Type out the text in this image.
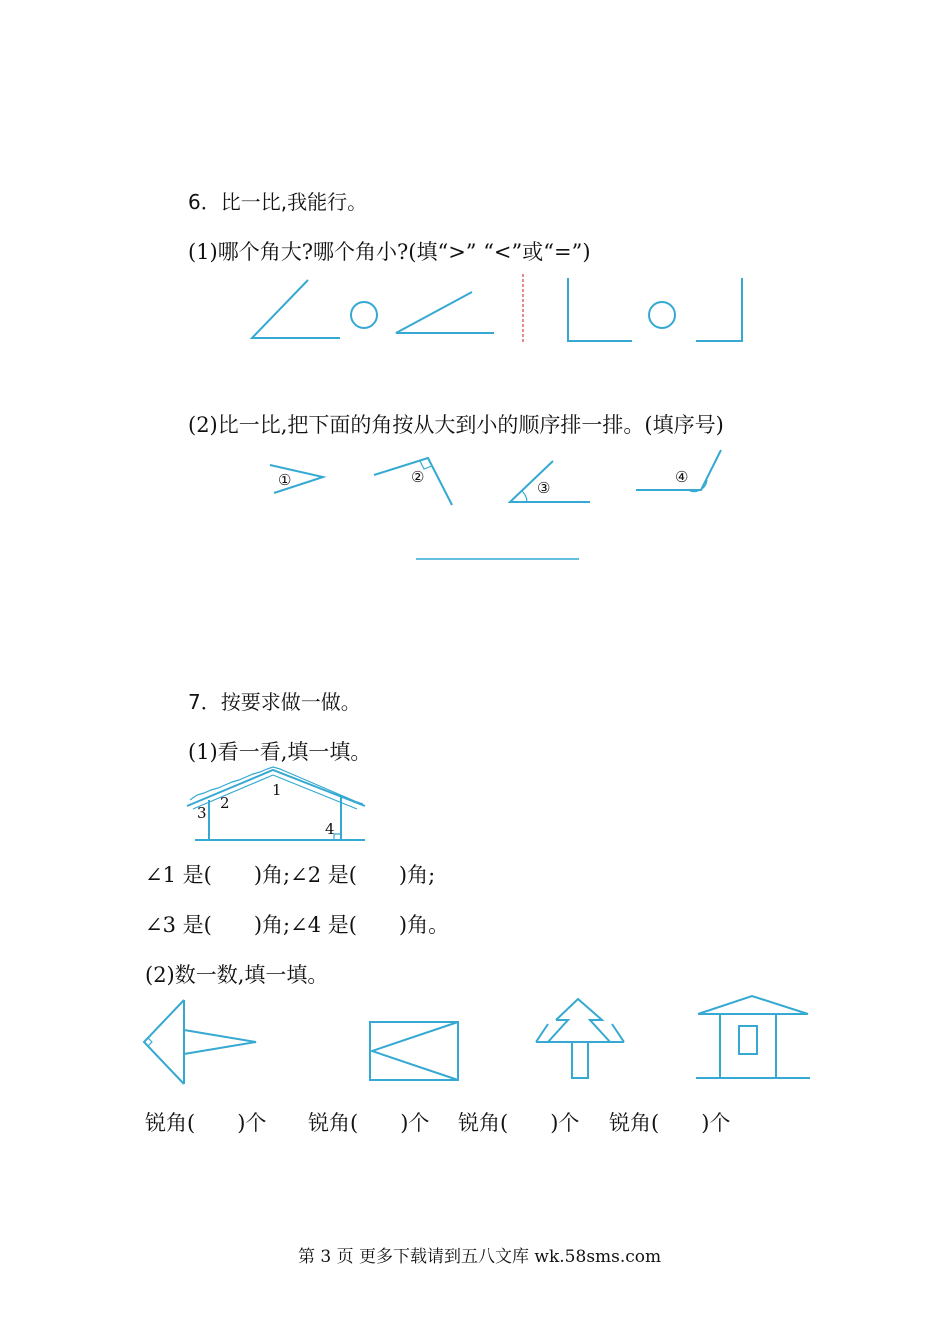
6．比一比,我能行。
(1)哪个角大?哪个角小?(填“>” “<”或“=”)
(2)比一比,把下面的角按从大到小的顺序排一排。(填序号)
①	②
③
④
7．按要求做一做。
(1)看一看,填一填。
1
2
3
4
∠1 是(　　)角;∠2 是(　　)角;
∠3 是(　　)角;∠4 是(　　)角。
(2)数一数,填一填。
锐角(　　)个 锐角(　　)个 锐角(　　)个 锐角(　　)个
第 3 页 更多下载请到五八文库 wk.58sms.com
